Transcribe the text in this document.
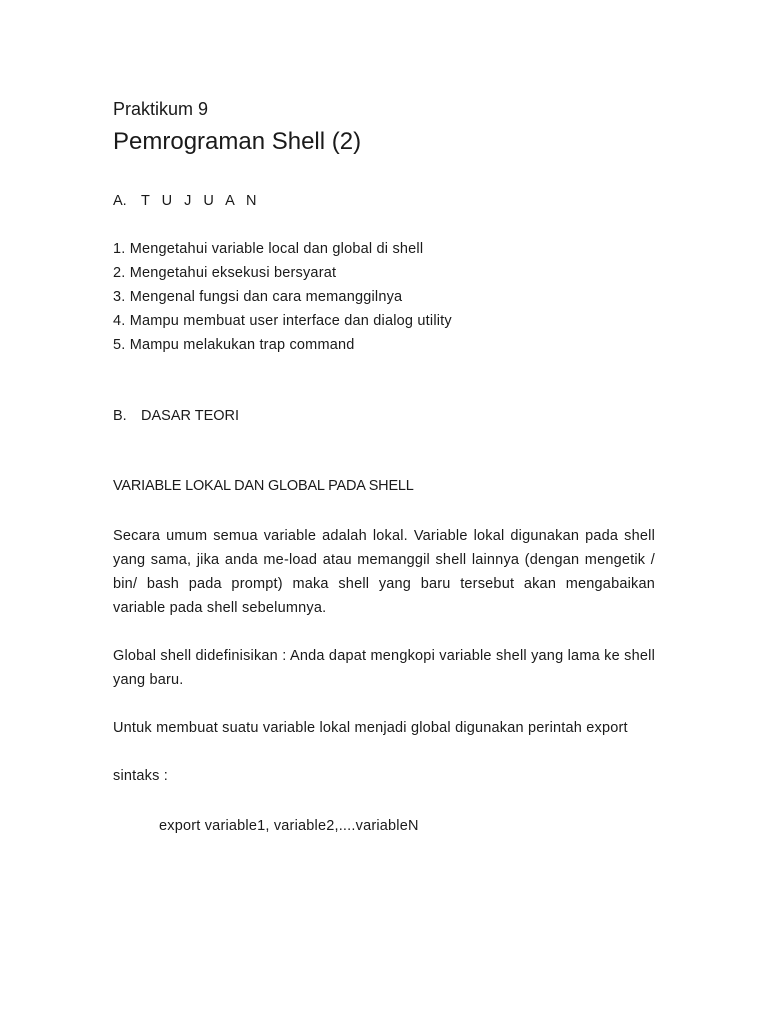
Praktikum 9

Pemrograman Shell (2)
A. T U J U A N
1. Mengetahui variable local dan global di shell
2. Mengetahui eksekusi bersyarat
3. Mengenal fungsi dan cara memanggilnya
4. Mampu membuat user interface dan dialog utility
5. Mampu melakukan trap command
B. DASAR TEORI
VARIABLE LOKAL DAN GLOBAL PADA SHELL

Secara umum semua variable adalah lokal. Variable lokal digunakan pada shell yang sama, jika anda me-load atau memanggil shell lainnya (dengan mengetik / bin/ bash pada prompt) maka shell yang baru tersebut akan mengabaikan variable pada shell sebelumnya.

Global shell didefinisikan : Anda dapat mengkopi variable shell yang lama ke shell yang baru.

Untuk membuat suatu variable lokal menjadi global digunakan perintah export

sintaks :

export variable1, variable2,....variableN
